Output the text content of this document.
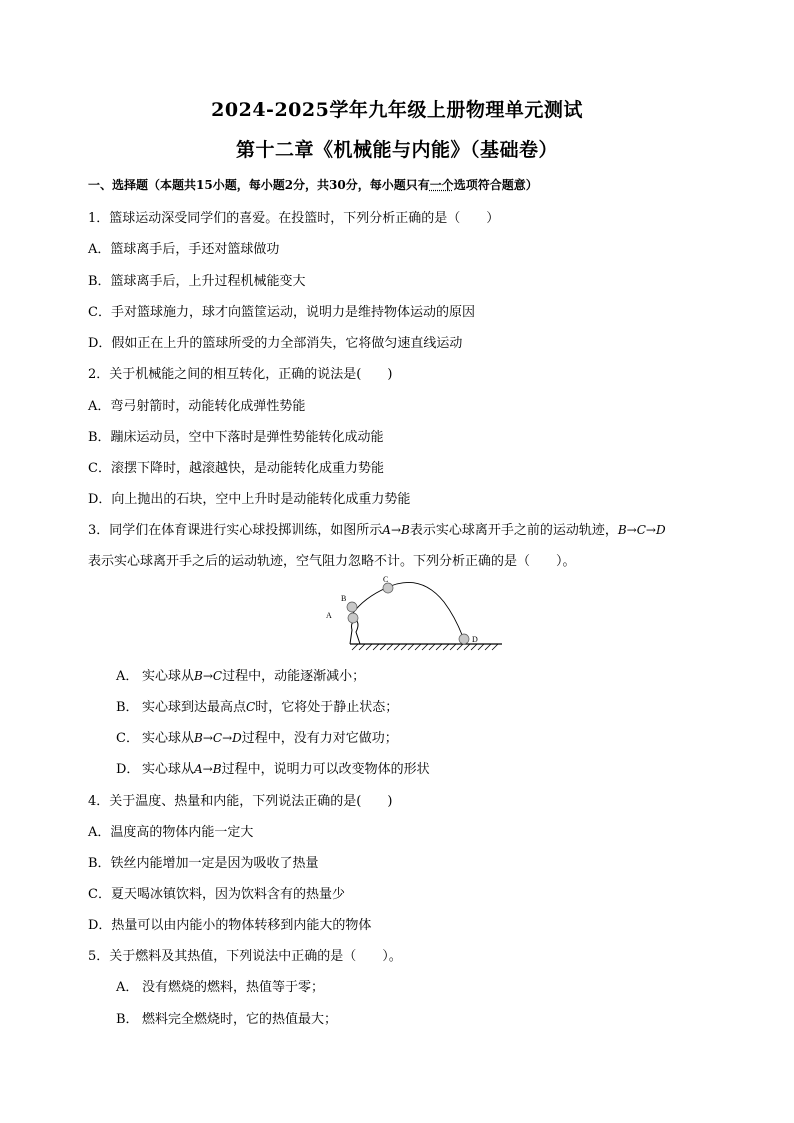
2024-2025学年九年级上册物理单元测试
第十二章《机械能与内能》（基础卷）
一、选择题（本题共15小题，每小题2分，共30分，每小题只有一个选项符合题意）
1．篮球运动深受同学们的喜爱。在投篮时，下列分析正确的是（　　）
A．篮球离手后，手还对篮球做功
B．篮球离手后，上升过程机械能变大
C．手对篮球施力，球才向篮筐运动，说明力是维持物体运动的原因
D．假如正在上升的篮球所受的力全部消失，它将做匀速直线运动
2．关于机械能之间的相互转化，正确的说法是(　　)
A．弯弓射箭时，动能转化成弹性势能
B．蹦床运动员，空中下落时是弹性势能转化成动能
C．滚摆下降时，越滚越快，是动能转化成重力势能
D．向上抛出的石块，空中上升时是动能转化成重力势能
3．同学们在体育课进行实心球投掷训练，如图所示A→B表示实心球离开手之前的运动轨迹，B→C→D
表示实心球离开手之后的运动轨迹，空气阻力忽略不计。下列分析正确的是（　　）。
A
B
C
D
A． 实心球从B→C过程中，动能逐渐减小；
B． 实心球到达最高点C时，它将处于静止状态；
C． 实心球从B→C→D过程中，没有力对它做功；
D． 实心球从A→B过程中，说明力可以改变物体的形状
4．关于温度、热量和内能，下列说法正确的是(　　)
A．温度高的物体内能一定大
B．铁丝内能增加一定是因为吸收了热量
C．夏天喝冰镇饮料，因为饮料含有的热量少
D．热量可以由内能小的物体转移到内能大的物体
5．关于燃料及其热值，下列说法中正确的是（　　）。
A． 没有燃烧的燃料，热值等于零；
B． 燃料完全燃烧时，它的热值最大；
